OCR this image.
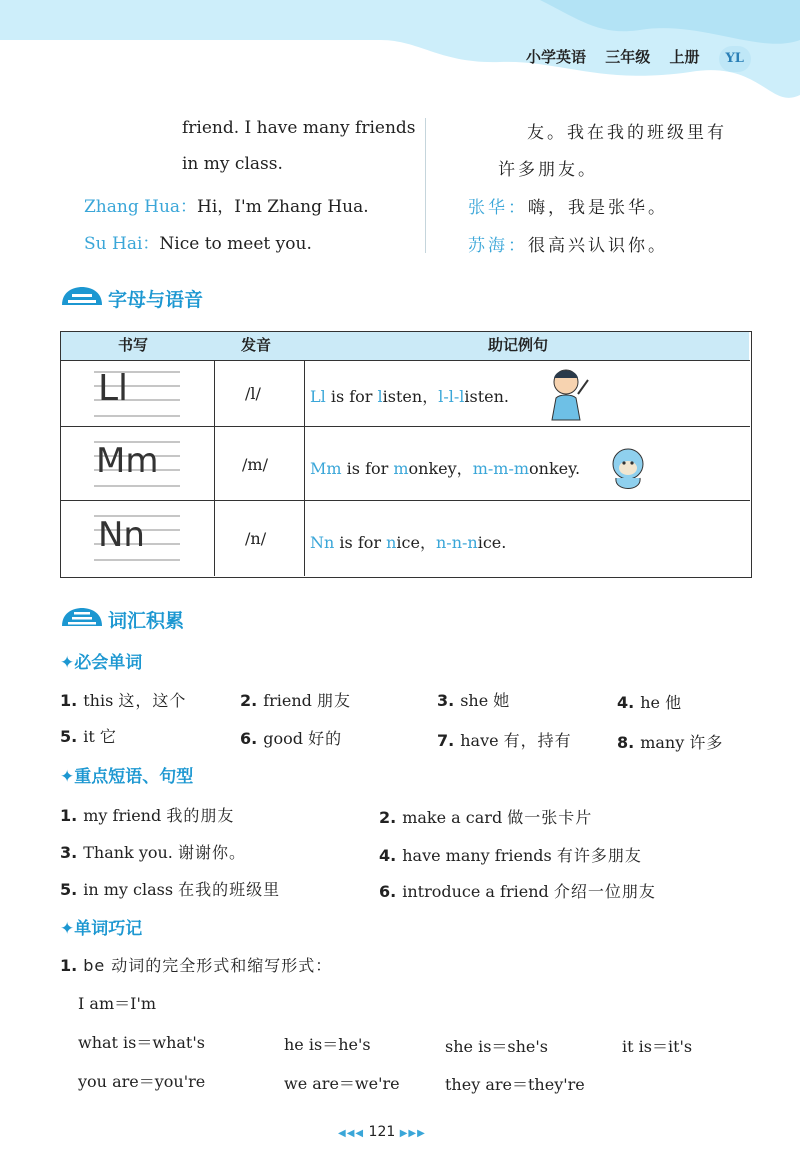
小学英语 三年级 上册 YL
friend. I have many friends
in my class.
Zhang Hua：Hi，I'm Zhang Hua.
Su Hai：Nice to meet you.
友。我在我的班级里有
许多朋友。
张华：嗨，我是张华。
苏海：很高兴认识你。
字母与语音
书写	发音	助记例句
Ll	/l/	Ll is for listen，l-l-listen.
Mm	/m/	Mm is for monkey，m-m-monkey.
Nn	/n/	Nn is for nice，n-n-nice.
词汇积累
✦必会单词
1. this 这，这个	2. friend 朋友	3. she 她	4. he 他
5. it 它	6. good 好的	7. have 有，持有	8. many 许多
✦重点短语、句型
1. my friend 我的朋友	2. make a card 做一张卡片
3. Thank you. 谢谢你。	4. have many friends 有许多朋友
5. in my class 在我的班级里	6. introduce a friend 介绍一位朋友
✦单词巧记
1. be 动词的完全形式和缩写形式：
I am＝I'm
what is＝what's	he is＝he's	she is＝she's	it is＝it's
you are＝you're	we are＝we're	they are＝they're
◀◀◀ 121 ▶▶▶
